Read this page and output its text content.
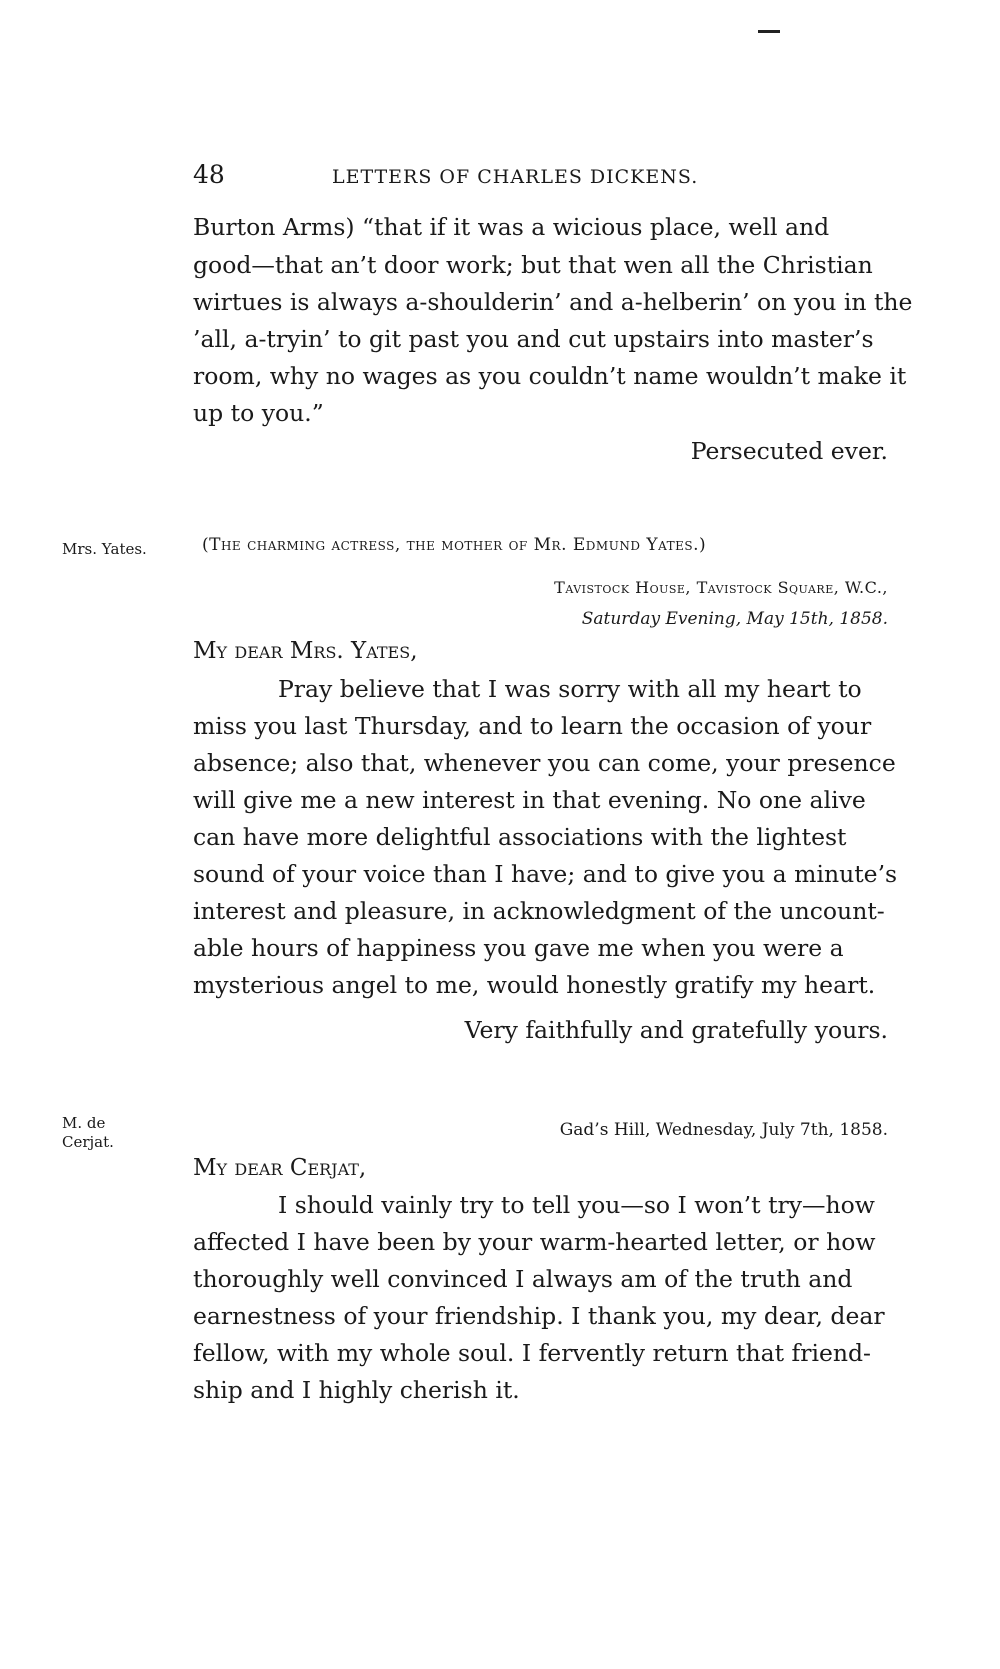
48	LETTERS OF CHARLES DICKENS.
Burton Arms) “that if it was a wicious place, well and
good—that an’t door work; but that wen all the Christian
wirtues is always a-shoulderin’ and a-helberin’ on you in the
’all, a-tryin’ to git past you and cut upstairs into master’s
room, why no wages as you couldn’t name wouldn’t make it
up to you.”
Persecuted ever.
Mrs. Yates.	(The charming actress, the mother of Mr. Edmund Yates.)
Tavistock House, Tavistock Square, W.C.,
Saturday Evening, May 15th, 1858.
My dear Mrs. Yates,
Pray believe that I was sorry with all my heart to
miss you last Thursday, and to learn the occasion of your
absence; also that, whenever you can come, your presence
will give me a new interest in that evening. No one alive
can have more delightful associations with the lightest
sound of your voice than I have; and to give you a minute’s
interest and pleasure, in acknowledgment of the uncount-
able hours of happiness you gave me when you were a
mysterious angel to me, would honestly gratify my heart.
Very faithfully and gratefully yours.
M. de
Cerjat.
Gad’s Hill, Wednesday, July 7th, 1858.
My dear Cerjat,
I should vainly try to tell you—so I won’t try—how
affected I have been by your warm-hearted letter, or how
thoroughly well convinced I always am of the truth and
earnestness of your friendship. I thank you, my dear, dear
fellow, with my whole soul. I fervently return that friend-
ship and I highly cherish it.
